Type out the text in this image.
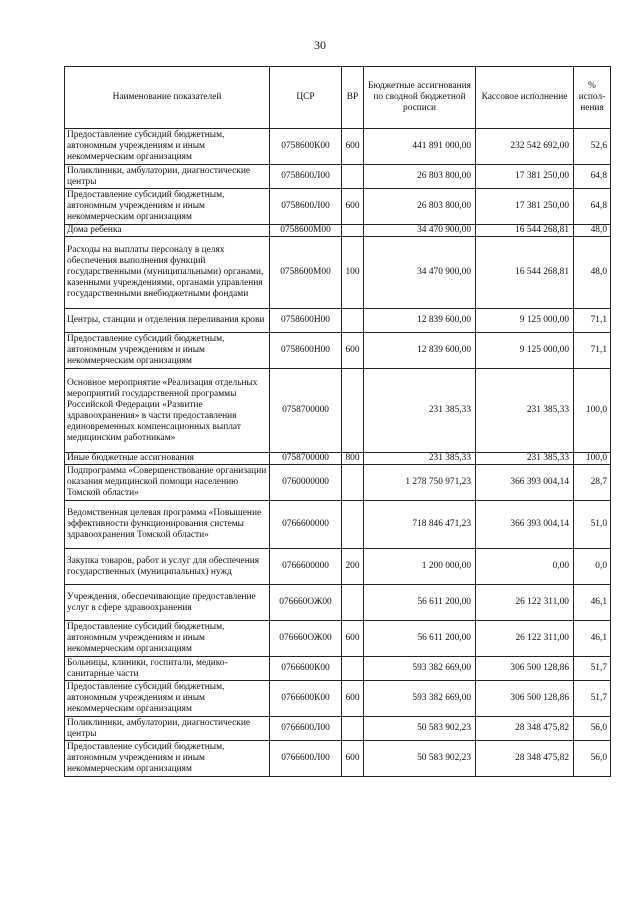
30
Наименование показателей	ЦСР	ВР	Бюджетные ассигнования по сводной бюджетной росписи	Кассовое исполнение	% испол-нения
Предоставление субсидий бюджетным, автономным учреждениям и иным некоммерческим организациям	0758600К00	600	441 891 000,00	232 542 692,00	52,6
Поликлиники, амбулатории, диагностические центры	0758600Л00		26 803 800,00	17 381 250,00	64,8
Предоставление субсидий бюджетным, автономным учреждениям и иным некоммерческим организациям	0758600Л00	600	26 803 800,00	17 381 250,00	64,8
Дома ребенка	0758600М00		34 470 900,00	16 544 268,81	48,0
Расходы на выплаты персоналу в целях обеспечения выполнения функций государственными (муниципальными) органами, казенными учреждениями, органами управления государственными внебюджетными фондами	0758600М00	100	34 470 900,00	16 544 268,81	48,0
Центры, станции и отделения переливания крови	0758600Н00		12 839 600,00	9 125 000,00	71,1
Предоставление субсидий бюджетным, автономным учреждениям и иным некоммерческим организациям	0758600Н00	600	12 839 600,00	9 125 000,00	71,1
Основное мероприятие «Реализация отдельных мероприятий государственной программы Российской Федерации «Развитие здравоохранения» в части предоставления единовременных компенсационных выплат медицинским работникам»	0758700000		231 385,33	231 385,33	100,0
Иные бюджетные ассигнования	0758700000	800	231 385,33	231 385,33	100,0
Подпрограмма «Совершенствование организации оказания медицинской помощи населению Томской области»	0760000000		1 278 750 971,23	366 393 004,14	28,7
Ведомственная целевая программа «Повышение эффективности функционирования системы здравоохранения Томской области»	0766600000		718 846 471,23	366 393 004,14	51,0
Закупка товаров, работ и услуг для обеспечения государственных (муниципальных) нужд	0766600000	200	1 200 000,00	0,00	0,0
Учреждения, обеспечивающие предоставление услуг в сфере здравоохранения	076660ОЖ00		56 611 200,00	26 122 311,00	46,1
Предоставление субсидий бюджетным, автономным учреждениям и иным некоммерческим организациям	076660ОЖ00	600	56 611 200,00	26 122 311,00	46,1
Больницы, клиники, госпитали, медико-санитарные части	0766600К00		593 382 669,00	306 500 128,86	51,7
Предоставление субсидий бюджетным, автономным учреждениям и иным некоммерческим организациям	0766600К00	600	593 382 669,00	306 500 128,86	51,7
Поликлиники, амбулатории, диагностические центры	0766600Л00		50 583 902,23	28 348 475,82	56,0
Предоставление субсидий бюджетным, автономным учреждениям и иным некоммерческим организациям	0766600Л00	600	50 583 902,23	28 348 475,82	56,0
